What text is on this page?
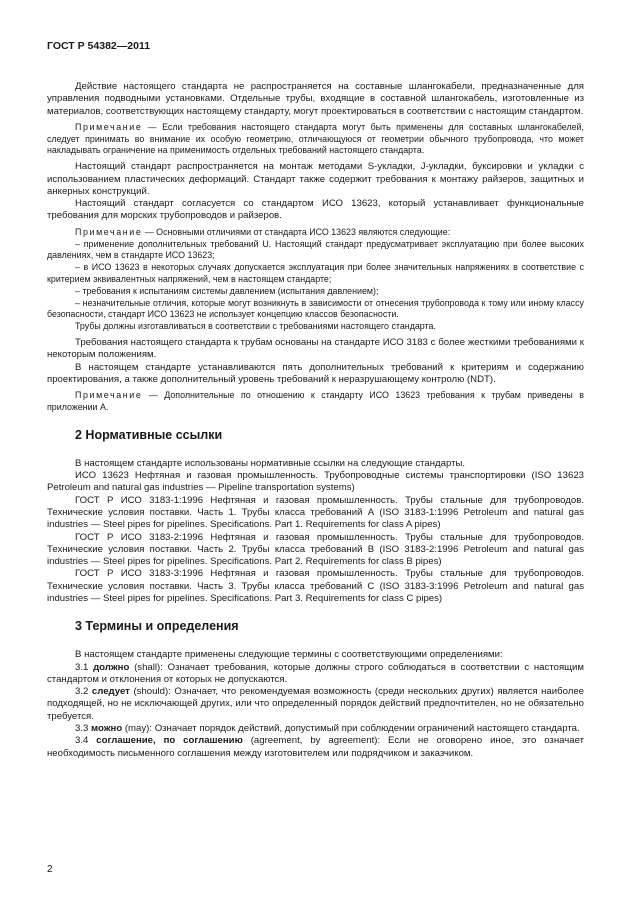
ГОСТ Р 54382—2011

Действие настоящего стандарта не распространяется на составные шлангокабели, предназначенные для управления подводными установками. Отдельные трубы, входящие в составной шлангокабель, изготовленные из материалов, соответствующих настоящему стандарту, могут проектироваться в соответствии с настоящим стандартом.

Примечание — Если требования настоящего стандарта могут быть применены для составных шлангокабелей, следует принимать во внимание их особую геометрию, отличающуюся от геометрии обычного трубопровода, что может накладывать ограничение на применимость отдельных требований настоящего стандарта.

Настоящий стандарт распространяется на монтаж методами S-укладки, J-укладки, буксировки и укладки с использованием пластических деформаций. Стандарт также содержит требования к монтажу райзеров, защитных и анкерных конструкций.

Настоящий стандарт согласуется со стандартом ИСО 13623, который устанавливает функциональные требования для морских трубопроводов и райзеров.

Примечание — Основными отличиями от стандарта ИСО 13623 являются следующие:

– применение дополнительных требований U. Настоящий стандарт предусматривает эксплуатацию при более высоких давлениях, чем в стандарте ИСО 13623;

– в ИСО 13623 в некоторых случаях допускается эксплуатация при более значительных напряжениях в соответствие с критерием эквивалентных напряжений, чем в настоящем стандарте;

– требования к испытаниям системы давлением (испытания давлением);

– незначительные отличия, которые могут возникнуть в зависимости от отнесения трубопровода к тому или иному классу безопасности, стандарт ИСО 13623 не использует концепцию классов безопасности.

Трубы должны изготавливаться в соответствии с требованиями настоящего стандарта.

Требования настоящего стандарта к трубам основаны на стандарте ИСО 3183 с более жесткими требованиями к некоторым положениям.

В настоящем стандарте устанавливаются пять дополнительных требований к критериям и содержанию проектирования, а также дополнительный уровень требований к неразрушающему контролю (NDT).

Примечание — Дополнительные по отношению к стандарту ИСО 13623 требования к трубам приведены в приложении А.

2 Нормативные ссылки

В настоящем стандарте использованы нормативные ссылки на следующие стандарты.

ИСО 13623 Нефтяная и газовая промышленность. Трубопроводные системы транспортировки (ISO 13623 Petroleum and natural gas industries — Pipeline transportation systems)

ГОСТ Р ИСО 3183-1:1996 Нефтяная и газовая промышленность. Трубы стальные для трубопроводов. Технические условия поставки. Часть 1. Трубы класса требований А (ISO 3183-1:1996 Petroleum and natural gas industries — Steel pipes for pipelines. Specifications. Part 1. Requirements for class A pipes)

ГОСТ Р ИСО 3183-2:1996 Нефтяная и газовая промышленность. Трубы стальные для трубопроводов. Технические условия поставки. Часть 2. Трубы класса требований В (ISO 3183-2:1996 Petroleum and natural gas industries — Steel pipes for pipelines. Specifications. Part 2. Requirements for class B pipes)

ГОСТ Р ИСО 3183-3:1996 Нефтяная и газовая промышленность. Трубы стальные для трубопроводов. Технические условия поставки. Часть 3. Трубы класса требований С (ISO 3183-3:1996 Petroleum and natural gas industries — Steel pipes for pipelines. Specifications. Part 3. Requirements for class C pipes)

3 Термины и определения

В настоящем стандарте применены следующие термины с соответствующими определениями:

3.1 должно (shall): Означает требования, которые должны строго соблюдаться в соответствии с настоящим стандартом и отклонения от которых не допускаются.

3.2 следует (should): Означает, что рекомендуемая возможность (среди нескольких других) является наиболее подходящей, но не исключающей других, или что определенный порядок действий предпочтителен, но не обязательно требуется.

3.3 можно (may): Означает порядок действий, допустимый при соблюдении ограничений настоящего стандарта.

3.4 соглашение, по соглашению (agreement, by agreement): Если не оговорено иное, это означает необходимость письменного соглашения между изготовителем или подрядчиком и заказчиком.

2
